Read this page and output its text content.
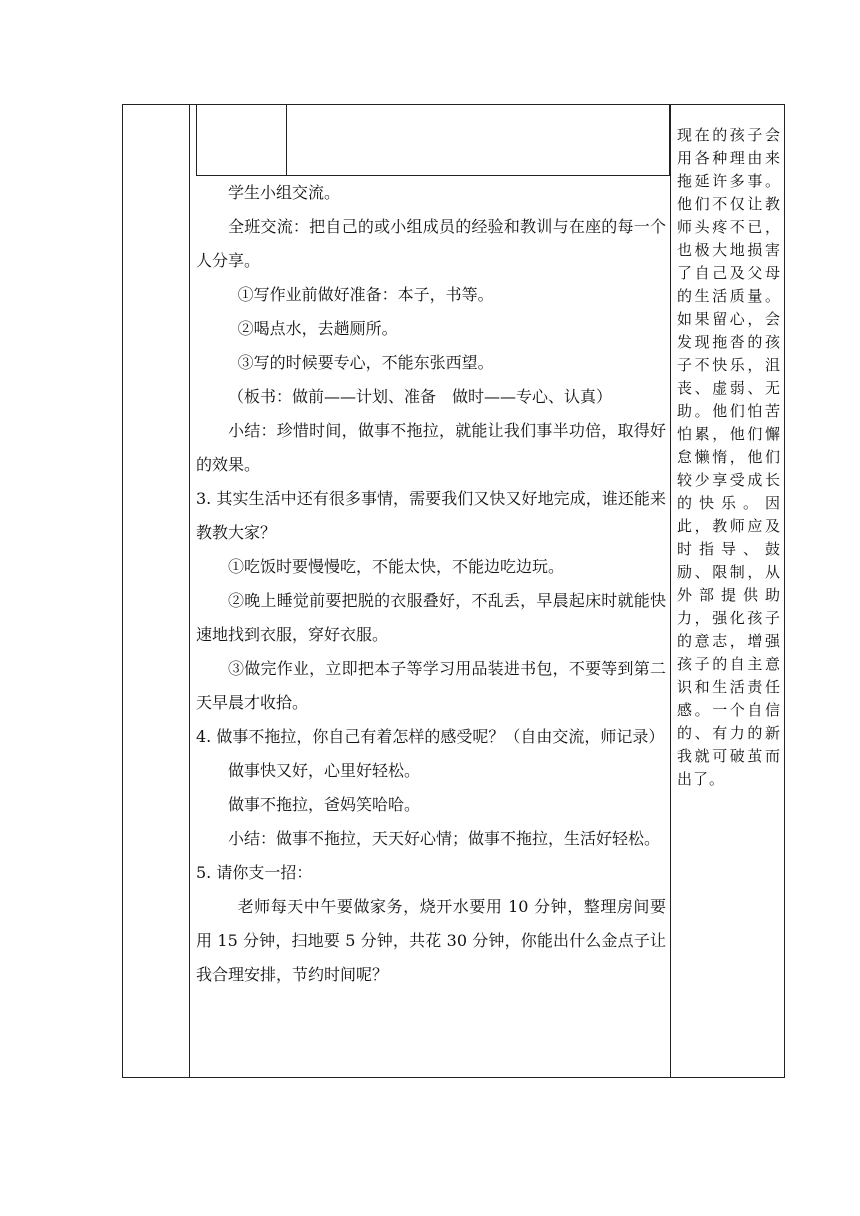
学生小组交流。

全班交流：把自己的或小组成员的经验和教训与在座的每一个人分享。

①写作业前做好准备：本子，书等。

②喝点水，去趟厕所。

③写的时候要专心，不能东张西望。

（板书：做前——计划、准备　做时——专心、认真）

小结：珍惜时间，做事不拖拉，就能让我们事半功倍，取得好的效果。

3. 其实生活中还有很多事情，需要我们又快又好地完成，谁还能来教教大家？

①吃饭时要慢慢吃，不能太快，不能边吃边玩。

②晚上睡觉前要把脱的衣服叠好，不乱丢，早晨起床时就能快速地找到衣服，穿好衣服。

③做完作业，立即把本子等学习用品装进书包，不要等到第二天早晨才收拾。

4. 做事不拖拉，你自己有着怎样的感受呢？（自由交流，师记录）

做事快又好，心里好轻松。

做事不拖拉，爸妈笑哈哈。

小结：做事不拖拉，天天好心情；做事不拖拉，生活好轻松。

5. 请你支一招：

老师每天中午要做家务，烧开水要用 10 分钟，整理房间要用 15 分钟，扫地要 5 分钟，共花 30 分钟，你能出什么金点子让我合理安排，节约时间呢？

现在的孩子会用各种理由来拖延许多事。他们不仅让教师头疼不已，也极大地损害了自己及父母的生活质量。如果留心，会发现拖沓的孩子不快乐，沮丧、虚弱、无助。他们怕苦怕累，他们懈怠懒惰，他们较少享受成长的快乐。因此，教师应及时指导、鼓励、限制，从外部提供助力，强化孩子的意志，增强孩子的自主意识和生活责任感。一个自信的、有力的新我就可破茧而出了。
